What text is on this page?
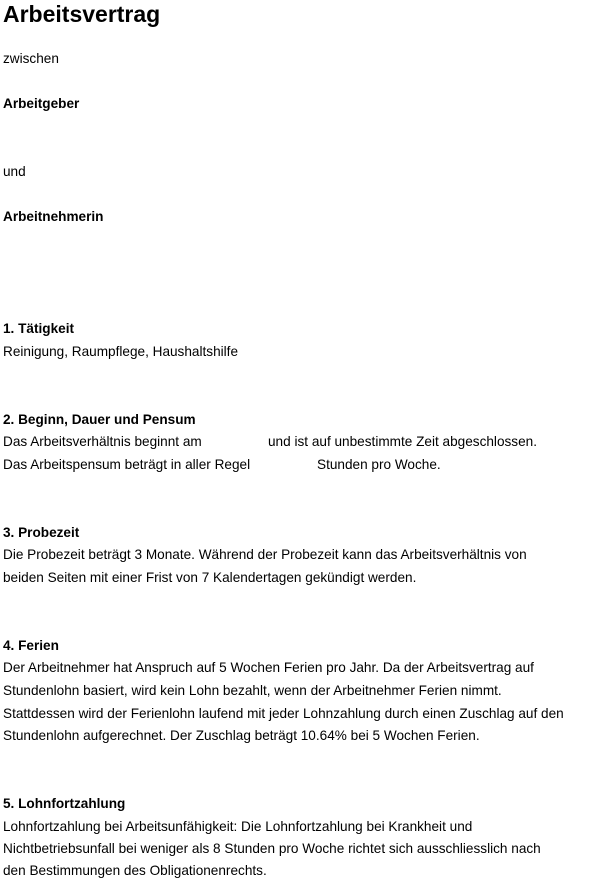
Arbeitsvertrag
zwischen
Arbeitgeber
und
Arbeitnehmerin
1. Tätigkeit
Reinigung, Raumpflege, Haushaltshilfe
2. Beginn, Dauer und Pensum
Das Arbeitsverhältnis beginnt am	und ist auf unbestimmte Zeit abgeschlossen.
Das Arbeitspensum beträgt in aller Regel	Stunden pro Woche.
3. Probezeit
Die Probezeit beträgt 3 Monate. Während der Probezeit kann das Arbeitsverhältnis von
beiden Seiten mit einer Frist von 7 Kalendertagen gekündigt werden.
4. Ferien
Der Arbeitnehmer hat Anspruch auf 5 Wochen Ferien pro Jahr. Da der Arbeitsvertrag auf
Stundenlohn basiert, wird kein Lohn bezahlt, wenn der Arbeitnehmer Ferien nimmt.
Stattdessen wird der Ferienlohn laufend mit jeder Lohnzahlung durch einen Zuschlag auf den
Stundenlohn aufgerechnet. Der Zuschlag beträgt 10.64% bei 5 Wochen Ferien.
5. Lohnfortzahlung
Lohnfortzahlung bei Arbeitsunfähigkeit: Die Lohnfortzahlung bei Krankheit und
Nichtbetriebsunfall bei weniger als 8 Stunden pro Woche richtet sich ausschliesslich nach
den Bestimmungen des Obligationenrechts.
